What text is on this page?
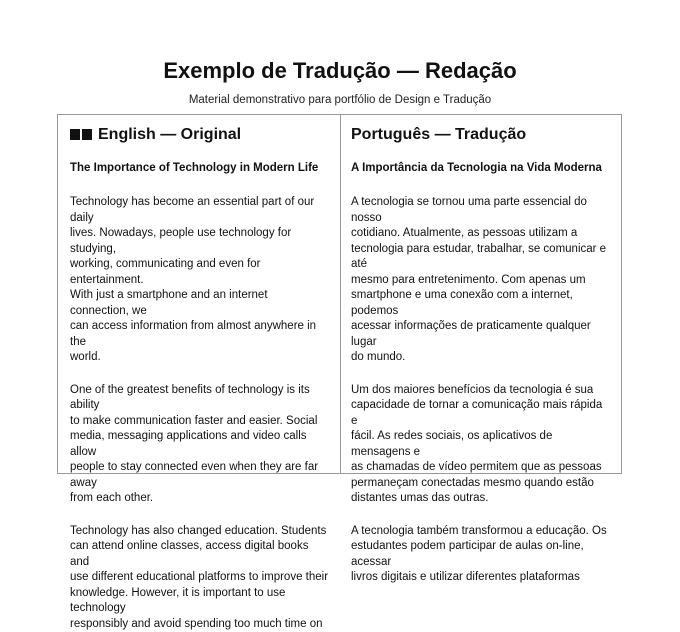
Exemplo de Tradução — Redação
Material demonstrativo para portfólio de Design e Tradução
English — Original
The Importance of Technology in Modern Life
Technology has become an essential part of our daily
lives. Nowadays, people use technology for studying,
working, communicating and even for entertainment.
With just a smartphone and an internet connection, we
can access information from almost anywhere in the
world.
One of the greatest benefits of technology is its ability
to make communication faster and easier. Social
media, messaging applications and video calls allow
people to stay connected even when they are far away
from each other.
Technology has also changed education. Students
can attend online classes, access digital books and
use different educational platforms to improve their
knowledge. However, it is important to use technology
responsibly and avoid spending too much time on
Português — Tradução
A Importância da Tecnologia na Vida Moderna
A tecnologia se tornou uma parte essencial do nosso
cotidiano. Atualmente, as pessoas utilizam a
tecnologia para estudar, trabalhar, se comunicar e até
mesmo para entretenimento. Com apenas um
smartphone e uma conexão com a internet, podemos
acessar informações de praticamente qualquer lugar
do mundo.
Um dos maiores benefícios da tecnologia é sua
capacidade de tornar a comunicação mais rápida e
fácil. As redes sociais, os aplicativos de mensagens e
as chamadas de vídeo permitem que as pessoas
permaneçam conectadas mesmo quando estão
distantes umas das outras.
A tecnologia também transformou a educação. Os
estudantes podem participar de aulas on-line, acessar
livros digitais e utilizar diferentes plataformas
